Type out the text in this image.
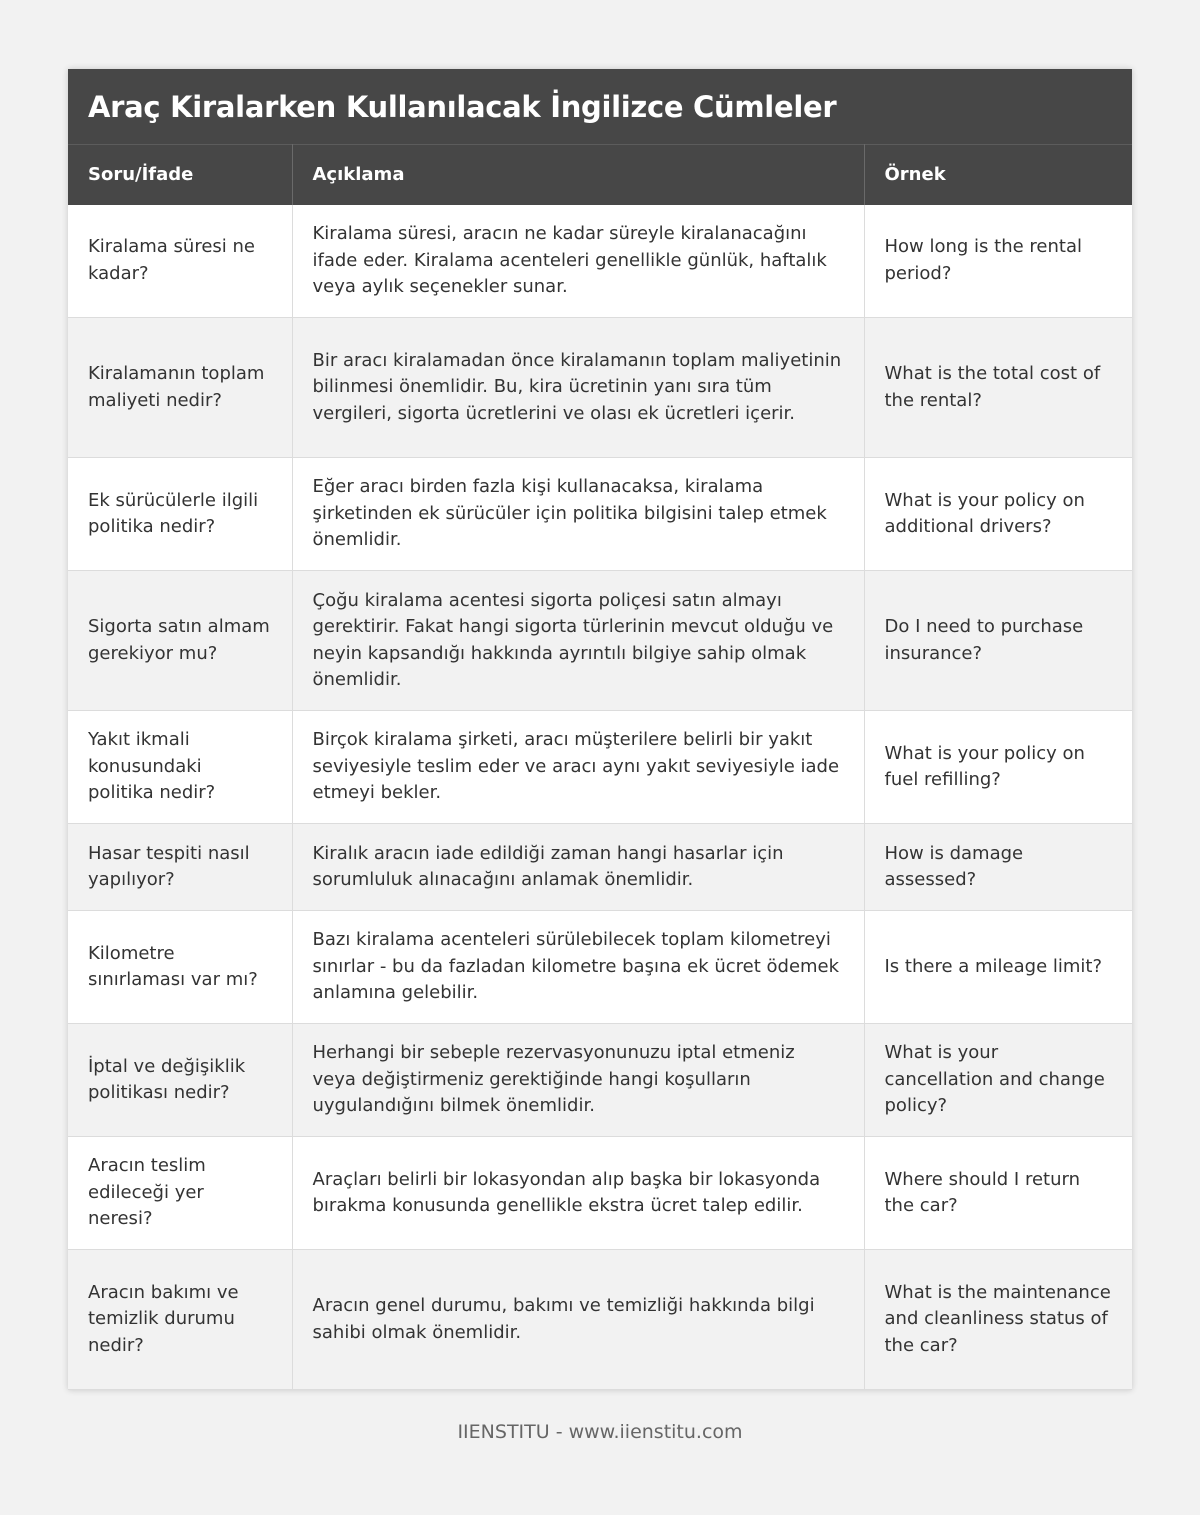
Araç Kiralarken Kullanılacak İngilizce Cümleler
Soru/İfade	Açıklama	Örnek
Kiralama süresi ne kadar?	Kiralama süresi, aracın ne kadar süreyle kiralanacağını ifade eder. Kiralama acenteleri genellikle günlük, haftalık veya aylık seçenekler sunar.	How long is the rental period?
Kiralamanın toplam maliyeti nedir?	Bir aracı kiralamadan önce kiralamanın toplam maliyetinin bilinmesi önemlidir. Bu, kira ücretinin yanı sıra tüm vergileri, sigorta ücretlerini ve olası ek ücretleri içerir.	What is the total cost of the rental?
Ek sürücülerle ilgili politika nedir?	Eğer aracı birden fazla kişi kullanacaksa, kiralama şirketinden ek sürücüler için politika bilgisini talep etmek önemlidir.	What is your policy on additional drivers?
Sigorta satın almam gerekiyor mu?	Çoğu kiralama acentesi sigorta poliçesi satın almayı gerektirir. Fakat hangi sigorta türlerinin mevcut olduğu ve neyin kapsandığı hakkında ayrıntılı bilgiye sahip olmak önemlidir.	Do I need to purchase insurance?
Yakıt ikmali konusundaki politika nedir?	Birçok kiralama şirketi, aracı müşterilere belirli bir yakıt seviyesiyle teslim eder ve aracı aynı yakıt seviyesiyle iade etmeyi bekler.	What is your policy on fuel refilling?
Hasar tespiti nasıl yapılıyor?	Kiralık aracın iade edildiği zaman hangi hasarlar için sorumluluk alınacağını anlamak önemlidir.	How is damage assessed?
Kilometre sınırlaması var mı?	Bazı kiralama acenteleri sürülebilecek toplam kilometreyi sınırlar - bu da fazladan kilometre başına ek ücret ödemek anlamına gelebilir.	Is there a mileage limit?
İptal ve değişiklik politikası nedir?	Herhangi bir sebeple rezervasyonunuzu iptal etmeniz veya değiştirmeniz gerektiğinde hangi koşulların uygulandığını bilmek önemlidir.	What is your cancellation and change policy?
Aracın teslim edileceği yer neresi?	Araçları belirli bir lokasyondan alıp başka bir lokasyonda bırakma konusunda genellikle ekstra ücret talep edilir.	Where should I return the car?
Aracın bakımı ve temizlik durumu nedir?	Aracın genel durumu, bakımı ve temizliği hakkında bilgi sahibi olmak önemlidir.	What is the maintenance and cleanliness status of the car?
IIENSTITU - www.iienstitu.com
